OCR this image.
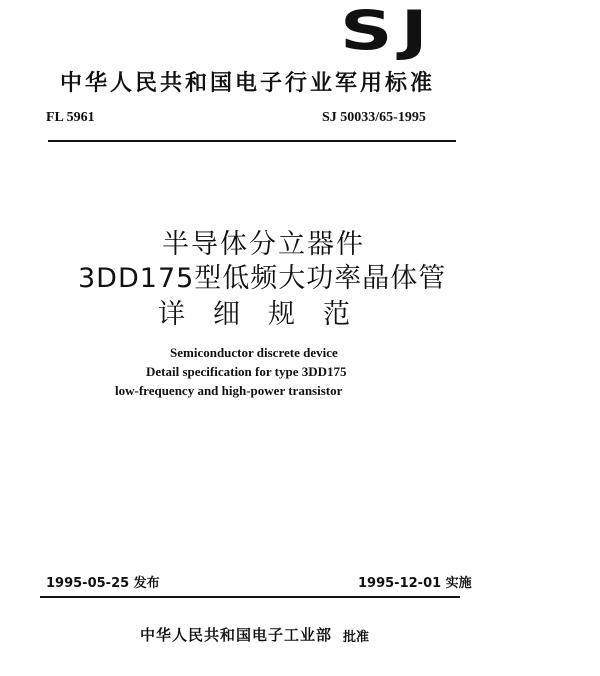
SJ
中华人民共和国电子行业军用标准
FL 5961	SJ 50033/65-1995
半导体分立器件
3DD175型低频大功率晶体管
详细规范
Semiconductor discrete device
Detail specification for type 3DD175
low-frequency and high-power transistor
1995-05-25 发布	1995-12-01 实施
中华人民共和国电子工业部 批准
